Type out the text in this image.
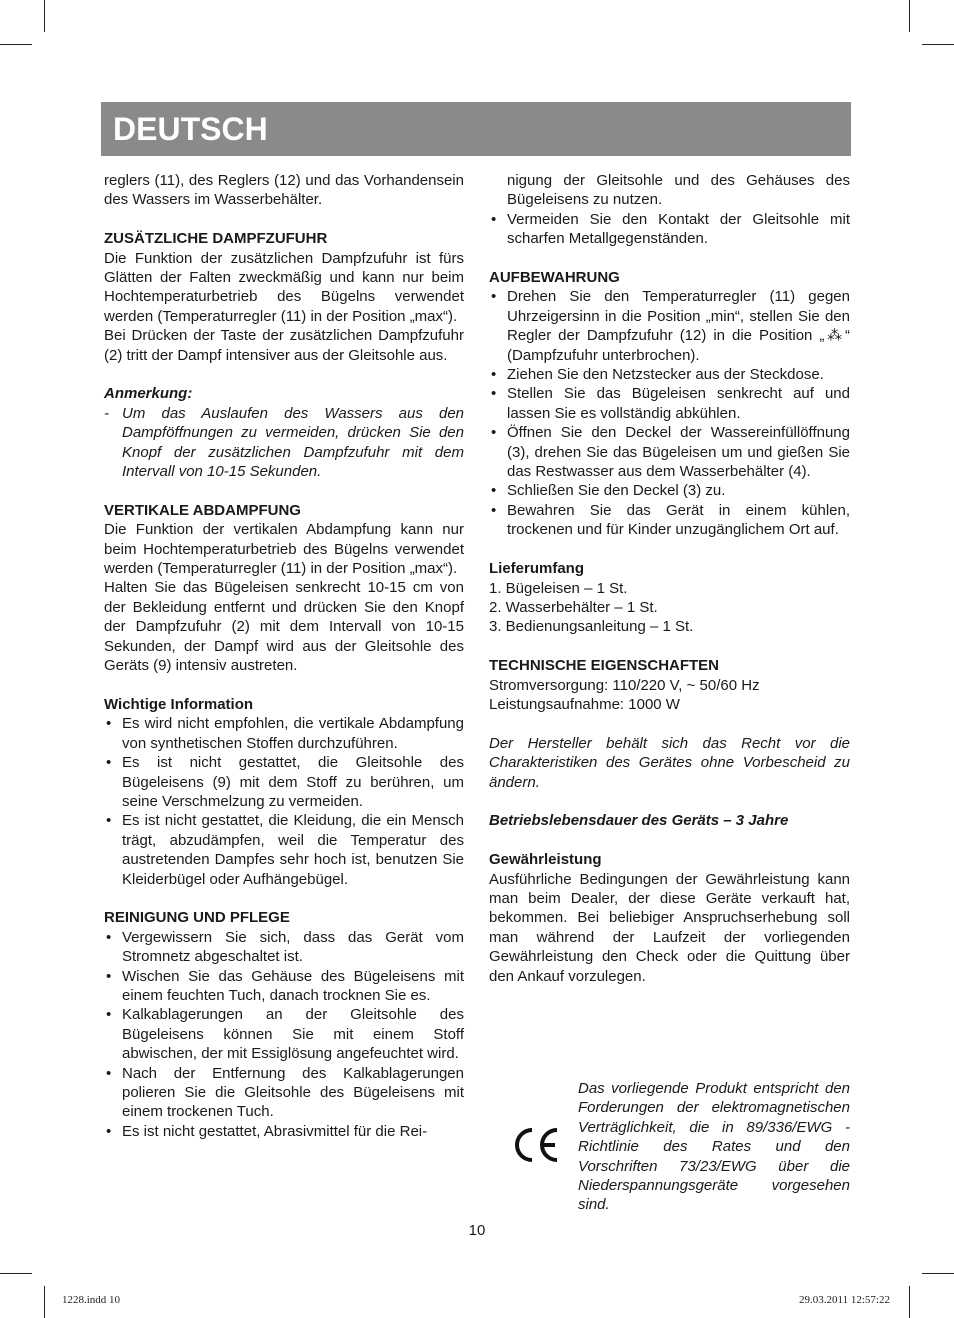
DEUTSCH

reglers (11), des Reglers (12) und das Vorhandensein des Wassers im Wasserbehälter.

ZUSÄTZLICHE DAMPFZUFUHR

Die Funktion der zusätzlichen Dampfzufuhr ist fürs Glätten der Falten zweckmäßig und kann nur beim Hochtemperaturbetrieb des Bügelns verwendet werden (Temperaturregler (11) in der Position „max“).

Bei Drücken der Taste der zusätzlichen Dampfzufuhr (2) tritt der Dampf intensiver aus der Gleitsohle aus.

Anmerkung:

- Um das Auslaufen des Wassers aus den Dampföffnungen zu vermeiden, drücken Sie den Knopf der zusätzlichen Dampfzufuhr mit dem Intervall von 10-15 Sekunden.

VERTIKALE ABDAMPFUNG

Die Funktion der vertikalen Abdampfung kann nur beim Hochtemperaturbetrieb des Bügelns verwendet werden (Temperaturregler (11) in der Position „max“).

Halten Sie das Bügeleisen senkrecht 10-15 cm von der Bekleidung entfernt und drücken Sie den Knopf der Dampfzufuhr (2) mit dem Intervall von 10-15 Sekunden, der Dampf wird aus der Gleitsohle des Geräts (9) intensiv austreten.

Wichtige Information

• Es wird nicht empfohlen, die vertikale Abdampfung von synthetischen Stoffen durchzuführen.
• Es ist nicht gestattet, die Gleitsohle des Bügeleisens (9) mit dem Stoff zu berühren, um seine Verschmelzung zu vermeiden.
• Es ist nicht gestattet, die Kleidung, die ein Mensch trägt, abzudämpfen, weil die Temperatur des austretenden Dampfes sehr hoch ist, benutzen Sie Kleiderbügel oder Aufhängebügel.

REINIGUNG UND PFLEGE

• Vergewissern Sie sich, dass das Gerät vom Stromnetz abgeschaltet ist.
• Wischen Sie das Gehäuse des Bügeleisens mit einem feuchten Tuch, danach trocknen Sie es.
• Kalkablagerungen an der Gleitsohle des Bügeleisens können Sie mit einem Stoff abwischen, der mit Essiglösung angefeuchtet wird.
• Nach der Entfernung des Kalkablagerungen polieren Sie die Gleitsohle des Bügeleisens mit einem trockenen Tuch.
• Es ist nicht gestattet, Abrasivmittel für die Rei-
nigung der Gleitsohle und des Gehäuses des Bügeleisens zu nutzen.
• Vermeiden Sie den Kontakt der Gleitsohle mit scharfen Metallgegenständen.

AUFBEWAHRUNG

• Drehen Sie den Temperaturregler (11) gegen Uhrzeigersinn in die Position „min“, stellen Sie den Regler der Dampfzufuhr (12) in die Position „⁂“ (Dampfzufuhr unterbrochen).
• Ziehen Sie den Netzstecker aus der Steckdose.
• Stellen Sie das Bügeleisen senkrecht auf und lassen Sie es vollständig abkühlen.
• Öffnen Sie den Deckel der Wassereinfüllöffnung (3), drehen Sie das Bügeleisen um und gießen Sie das Restwasser aus dem Wasserbehälter (4).
• Schließen Sie den Deckel (3) zu.
• Bewahren Sie das Gerät in einem kühlen, trockenen und für Kinder unzugänglichem Ort auf.

Lieferumfang

1. Bügeleisen – 1 St.

2. Wasserbehälter – 1 St.

3. Bedienungsanleitung – 1 St.

TECHNISCHE EIGENSCHAFTEN

Stromversorgung: 110/220 V, ~ 50/60 Hz

Leistungsaufnahme: 1000 W

Der Hersteller behält sich das Recht vor die Charakteristiken des Gerätes ohne Vorbescheid zu ändern.

Betriebslebensdauer des Geräts – 3 Jahre

Gewährleistung

Ausführliche Bedingungen der Gewährleistung kann man beim Dealer, der diese Geräte verkauft hat, bekommen. Bei beliebiger Anspruchserhebung soll man während der Laufzeit der vorliegenden Gewährleistung den Check oder die Quittung über den Ankauf vorzulegen.

Das vorliegende Produkt entspricht den Forderungen der elektromagnetischen Verträglichkeit, die in 89/336/EWG -Richtlinie des Rates und den Vorschriften 73/23/EWG über die Niederspannungsgeräte vorgesehen sind.
10
1228.indd 10	29.03.2011 12:57:22
